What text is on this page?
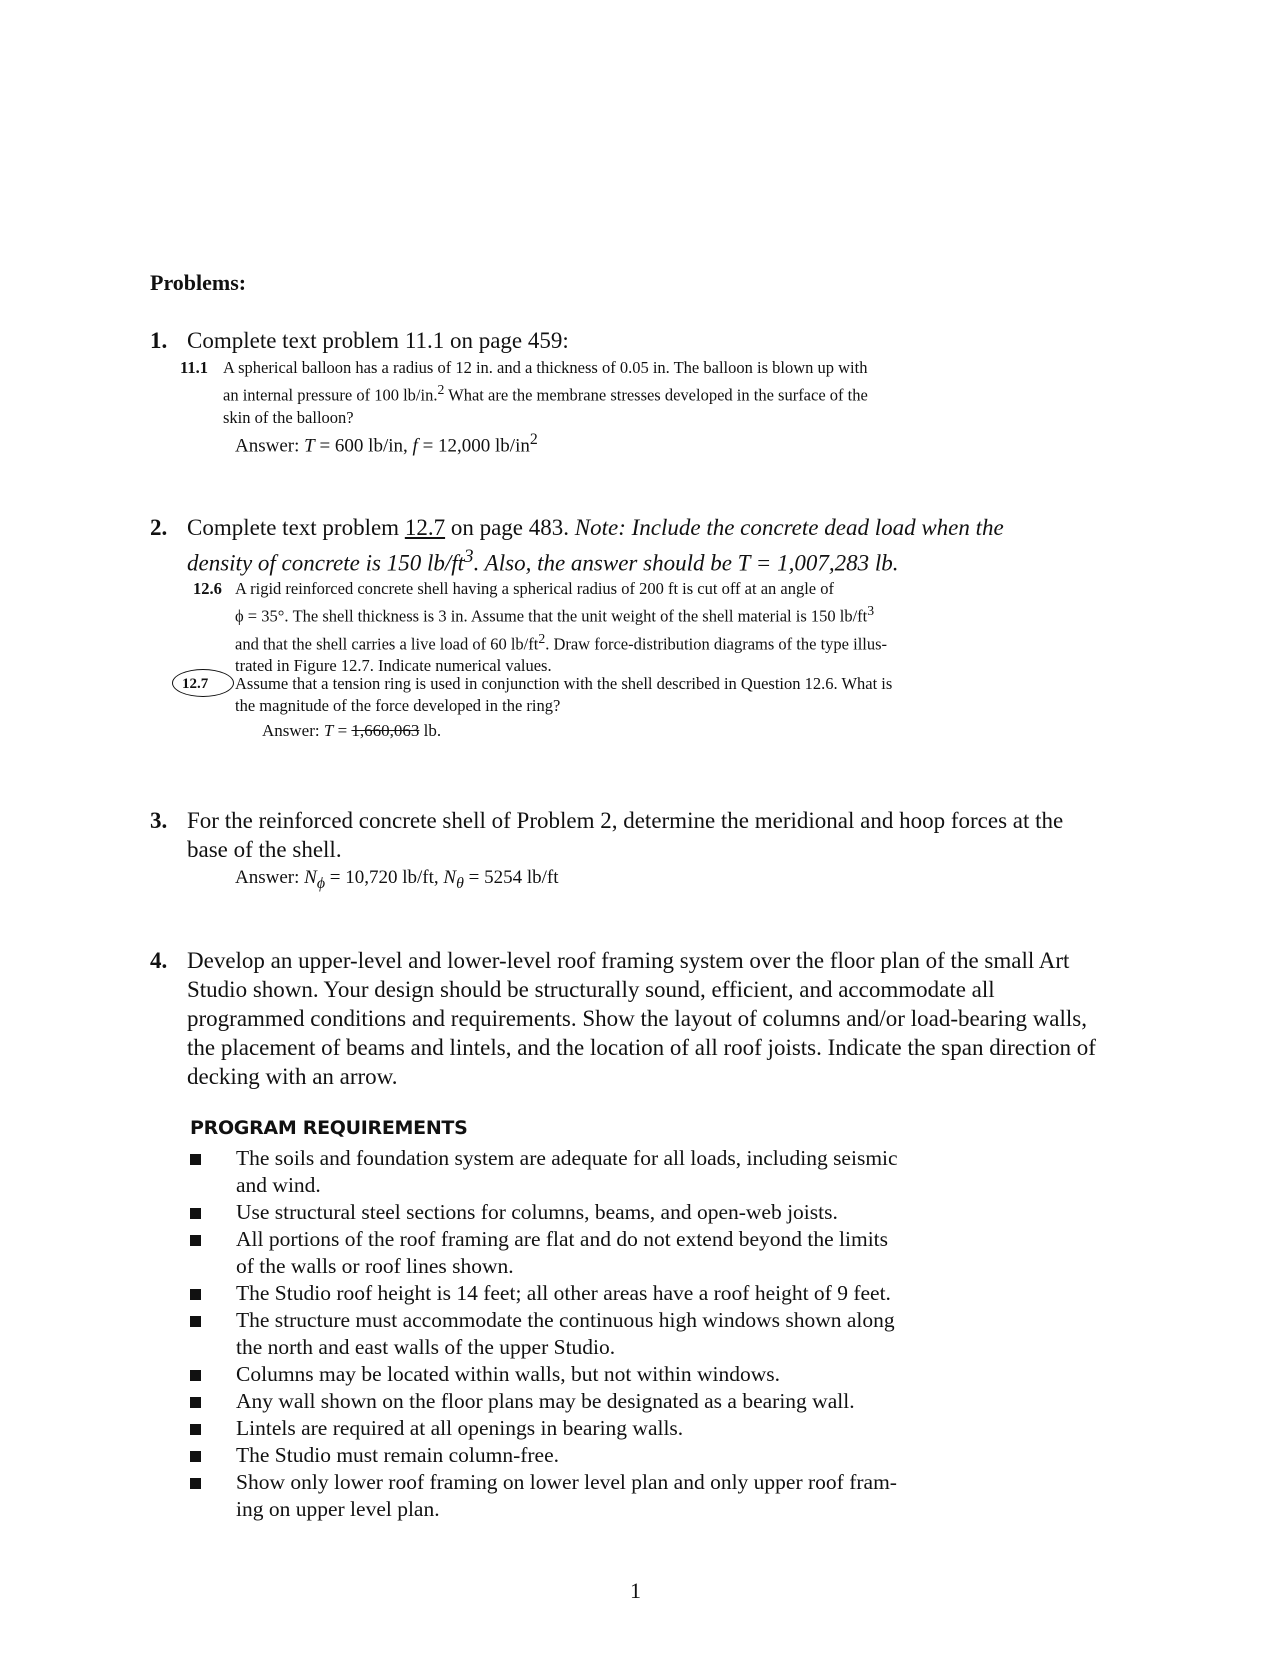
Problems:
1. Complete text problem 11.1 on page 459:
11.1 A spherical balloon has a radius of 12 in. and a thickness of 0.05 in. The balloon is blown up with
an internal pressure of 100 lb/in.$^2$ What are the membrane stresses developed in the surface of the
skin of the balloon?
Answer: T = 600 lb/in, f = 12,000 $lb/in^2$
2. Complete text problem 12.7 on page 483. Note: Include the concrete dead load when the
density of concrete is 150 $lb/ft^3$. Also, the answer should be T = 1,007,283 lb.
12.6 A rigid reinforced concrete shell having a spherical radius of 200 ft is cut off at an angle of
ϕ = 35°. The shell thickness is 3 in. Assume that the unit weight of the shell material is 150 $lb/ft^3$
and that the shell carries a live load of 60 $lb/ft^2$. Draw force-distribution diagrams of the type illus-
trated in Figure 12.7. Indicate numerical values.
12.7 Assume that a tension ring is used in conjunction with the shell described in Question 12.6. What is
the magnitude of the force developed in the ring?
Answer: T = 1,660,063 lb.
3. For the reinforced concrete shell of Problem 2, determine the meridional and hoop forces at the
base of the shell.
Answer: $N_\phi = 10,720$ lb/ft, $N_\theta = 5254$ lb/ft
4. Develop an upper-level and lower-level roof framing system over the floor plan of the small Art
Studio shown. Your design should be structurally sound, efficient, and accommodate all
programmed conditions and requirements. Show the layout of columns and/or load-bearing walls,
the placement of beams and lintels, and the location of all roof joists. Indicate the span direction of
decking with an arrow.
PROGRAM REQUIREMENTS
The soils and foundation system are adequate for all loads, including seismic
and wind.
Use structural steel sections for columns, beams, and open-web joists.
All portions of the roof framing are flat and do not extend beyond the limits
of the walls or roof lines shown.
The Studio roof height is 14 feet; all other areas have a roof height of 9 feet.
The structure must accommodate the continuous high windows shown along
the north and east walls of the upper Studio.
Columns may be located within walls, but not within windows.
Any wall shown on the floor plans may be designated as a bearing wall.
Lintels are required at all openings in bearing walls.
The Studio must remain column-free.
Show only lower roof framing on lower level plan and only upper roof fram-
ing on upper level plan.
1
